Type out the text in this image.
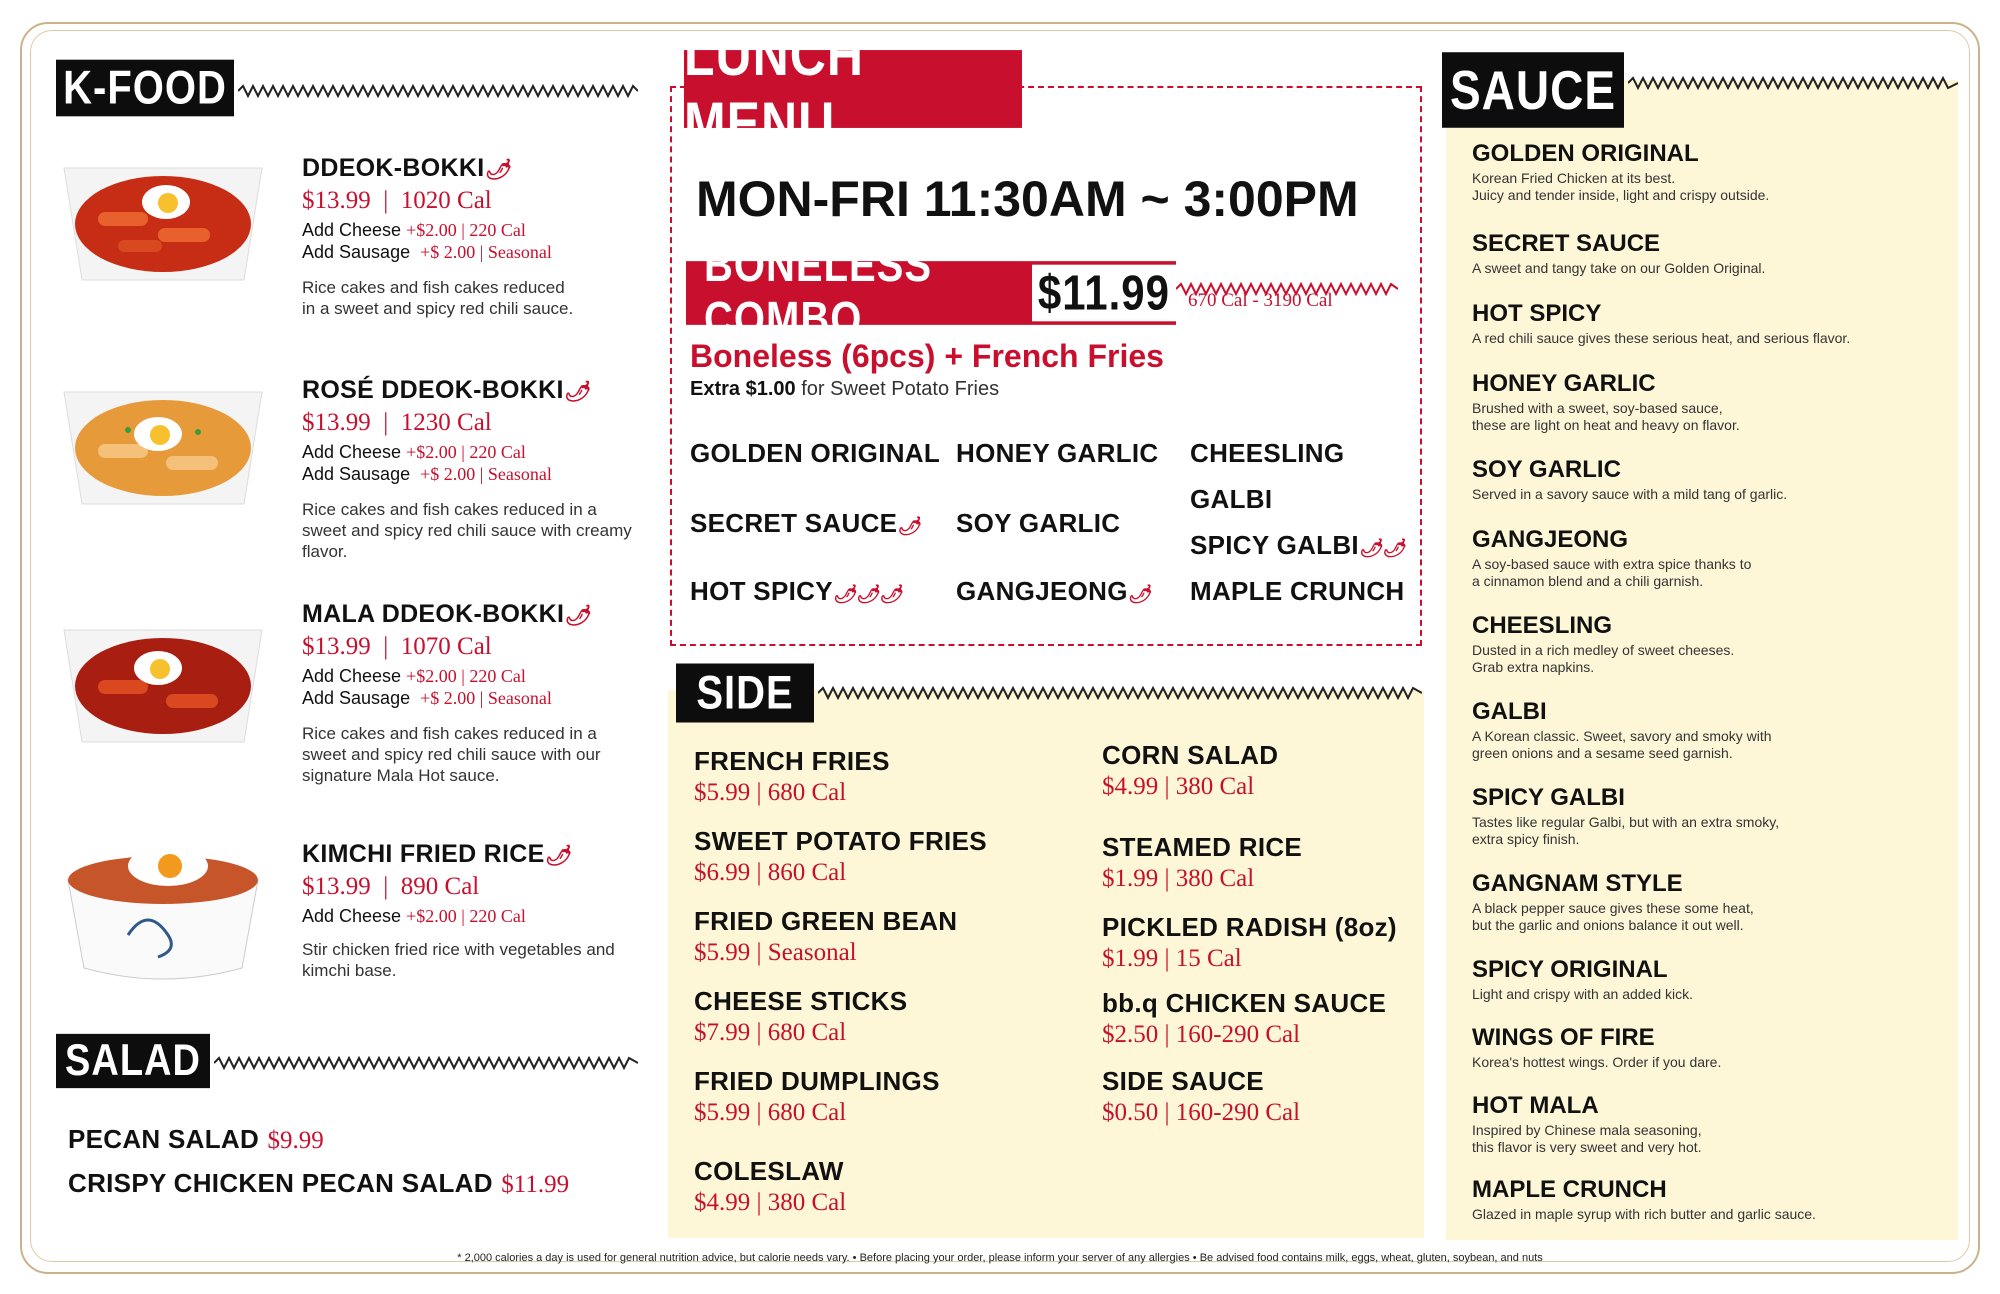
K-FOOD
DDEOK-BOKKI🌶
$13.99  |  1020 Cal
Add Cheese +$2.00 | 220 Cal
Add Sausage +$ 2.00 | Seasonal
Rice cakes and fish cakes reduced in a sweet and spicy red chili sauce.
ROSÉ DDEOK-BOKKI🌶
$13.99  |  1230 Cal
Add Cheese +$2.00 | 220 Cal
Add Sausage +$ 2.00 | Seasonal
Rice cakes and fish cakes reduced in a sweet and spicy red chili sauce with creamy flavor.
MALA DDEOK-BOKKI🌶
$13.99  |  1070 Cal
Add Cheese +$2.00 | 220 Cal
Add Sausage +$ 2.00 | Seasonal
Rice cakes and fish cakes reduced in a sweet and spicy red chili sauce with our signature Mala Hot sauce.
KIMCHI FRIED RICE🌶
$13.99  |  890 Cal
Add Cheese +$2.00 | 220 Cal
Stir chicken fried rice with vegetables and kimchi base.
SALAD
PECAN SALAD $9.99
CRISPY CHICKEN PECAN SALAD $11.99
LUNCH MENU
MON-FRI 11:30AM ~ 3:00PM
BONELESS COMBO	$11.99 670 Cal - 3190 Cal
Boneless (6pcs) + French Fries
Extra $1.00 for Sweet Potato Fries
GOLDEN ORIGINAL HONEY GARLIC CHEESLING
GALBI
SECRET SAUCE🌶 SOY GARLIC
SPICY GALBI🌶🌶
HOT SPICY🌶🌶🌶 GANGJEONG🌶 MAPLE CRUNCH
SIDE
FRENCH FRIES
$5.99 | 680 Cal
SWEET POTATO FRIES
$6.99 | 860 Cal
FRIED GREEN BEAN
$5.99 | Seasonal
CHEESE STICKS
$7.99 | 680 Cal
FRIED DUMPLINGS
$5.99 | 680 Cal
COLESLAW
$4.99 | 380 Cal
CORN SALAD
$4.99 | 380 Cal
STEAMED RICE
$1.99 | 380 Cal
PICKLED RADISH (8oz)
$1.99 | 15 Cal
bb.q CHICKEN SAUCE
$2.50 | 160-290 Cal
SIDE SAUCE
$0.50 | 160-290 Cal
SAUCE
GOLDEN ORIGINAL
Korean Fried Chicken at its best.
Juicy and tender inside, light and crispy outside.
SECRET SAUCE
A sweet and tangy take on our Golden Original.
HOT SPICY
A red chili sauce gives these serious heat, and serious flavor.
HONEY GARLIC
Brushed with a sweet, soy-based sauce,
these are light on heat and heavy on flavor.
SOY GARLIC
Served in a savory sauce with a mild tang of garlic.
GANGJEONG
A soy-based sauce with extra spice thanks to
a cinnamon blend and a chili garnish.
CHEESLING
Dusted in a rich medley of sweet cheeses.
Grab extra napkins.
GALBI
A Korean classic. Sweet, savory and smoky with
green onions and a sesame seed garnish.
SPICY GALBI
Tastes like regular Galbi, but with an extra smoky,
extra spicy finish.
GANGNAM STYLE
A black pepper sauce gives these some heat,
but the garlic and onions balance it out well.
SPICY ORIGINAL
Light and crispy with an added kick.
WINGS OF FIRE
Korea's hottest wings. Order if you dare.
HOT MALA
Inspired by Chinese mala seasoning,
this flavor is very sweet and very hot.
MAPLE CRUNCH
Glazed in maple syrup with rich butter and garlic sauce.
* 2,000 calories a day is used for general nutrition advice, but calorie needs vary. • Before placing your order, please inform your server of any allergies • Be advised food contains milk, eggs, wheat, gluten, soybean, and nuts
